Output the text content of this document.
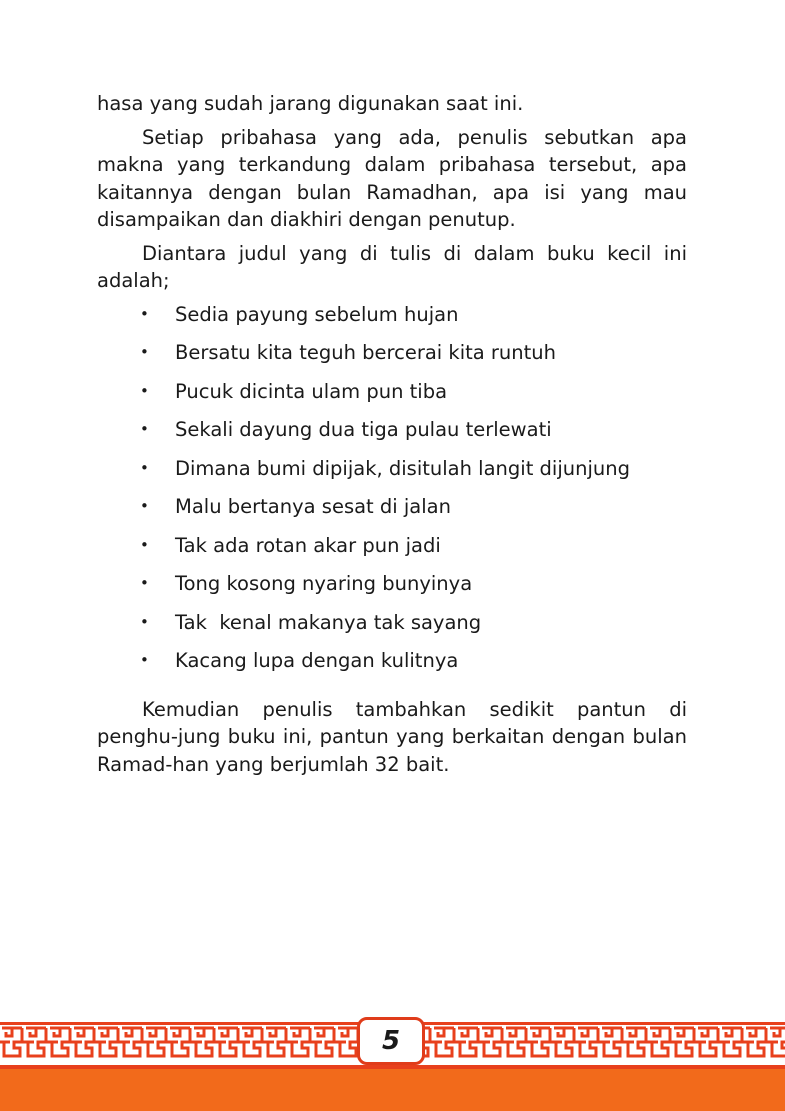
hasa yang sudah jarang digunakan saat ini.

Setiap pribahasa yang ada, penulis sebutkan apa makna yang terkandung dalam pribahasa tersebut, apa kaitannya dengan bulan Ramadhan, apa isi yang mau disampaikan dan diakhiri dengan penutup.

Diantara judul yang di tulis di dalam buku kecil ini adalah;

• Sedia payung sebelum hujan
• Bersatu kita teguh bercerai kita runtuh
• Pucuk dicinta ulam pun tiba
• Sekali dayung dua tiga pulau terlewati
• Dimana bumi dipijak, disitulah langit dijunjung
• Malu bertanya sesat di jalan
• Tak ada rotan akar pun jadi
• Tong kosong nyaring bunyinya
• Tak  kenal makanya tak sayang
• Kacang lupa dengan kulitnya

Kemudian penulis tambahkan sedikit pantun di penghu-jung buku ini, pantun yang berkaitan dengan bulan Ramad-han yang berjumlah 32 bait.

5
